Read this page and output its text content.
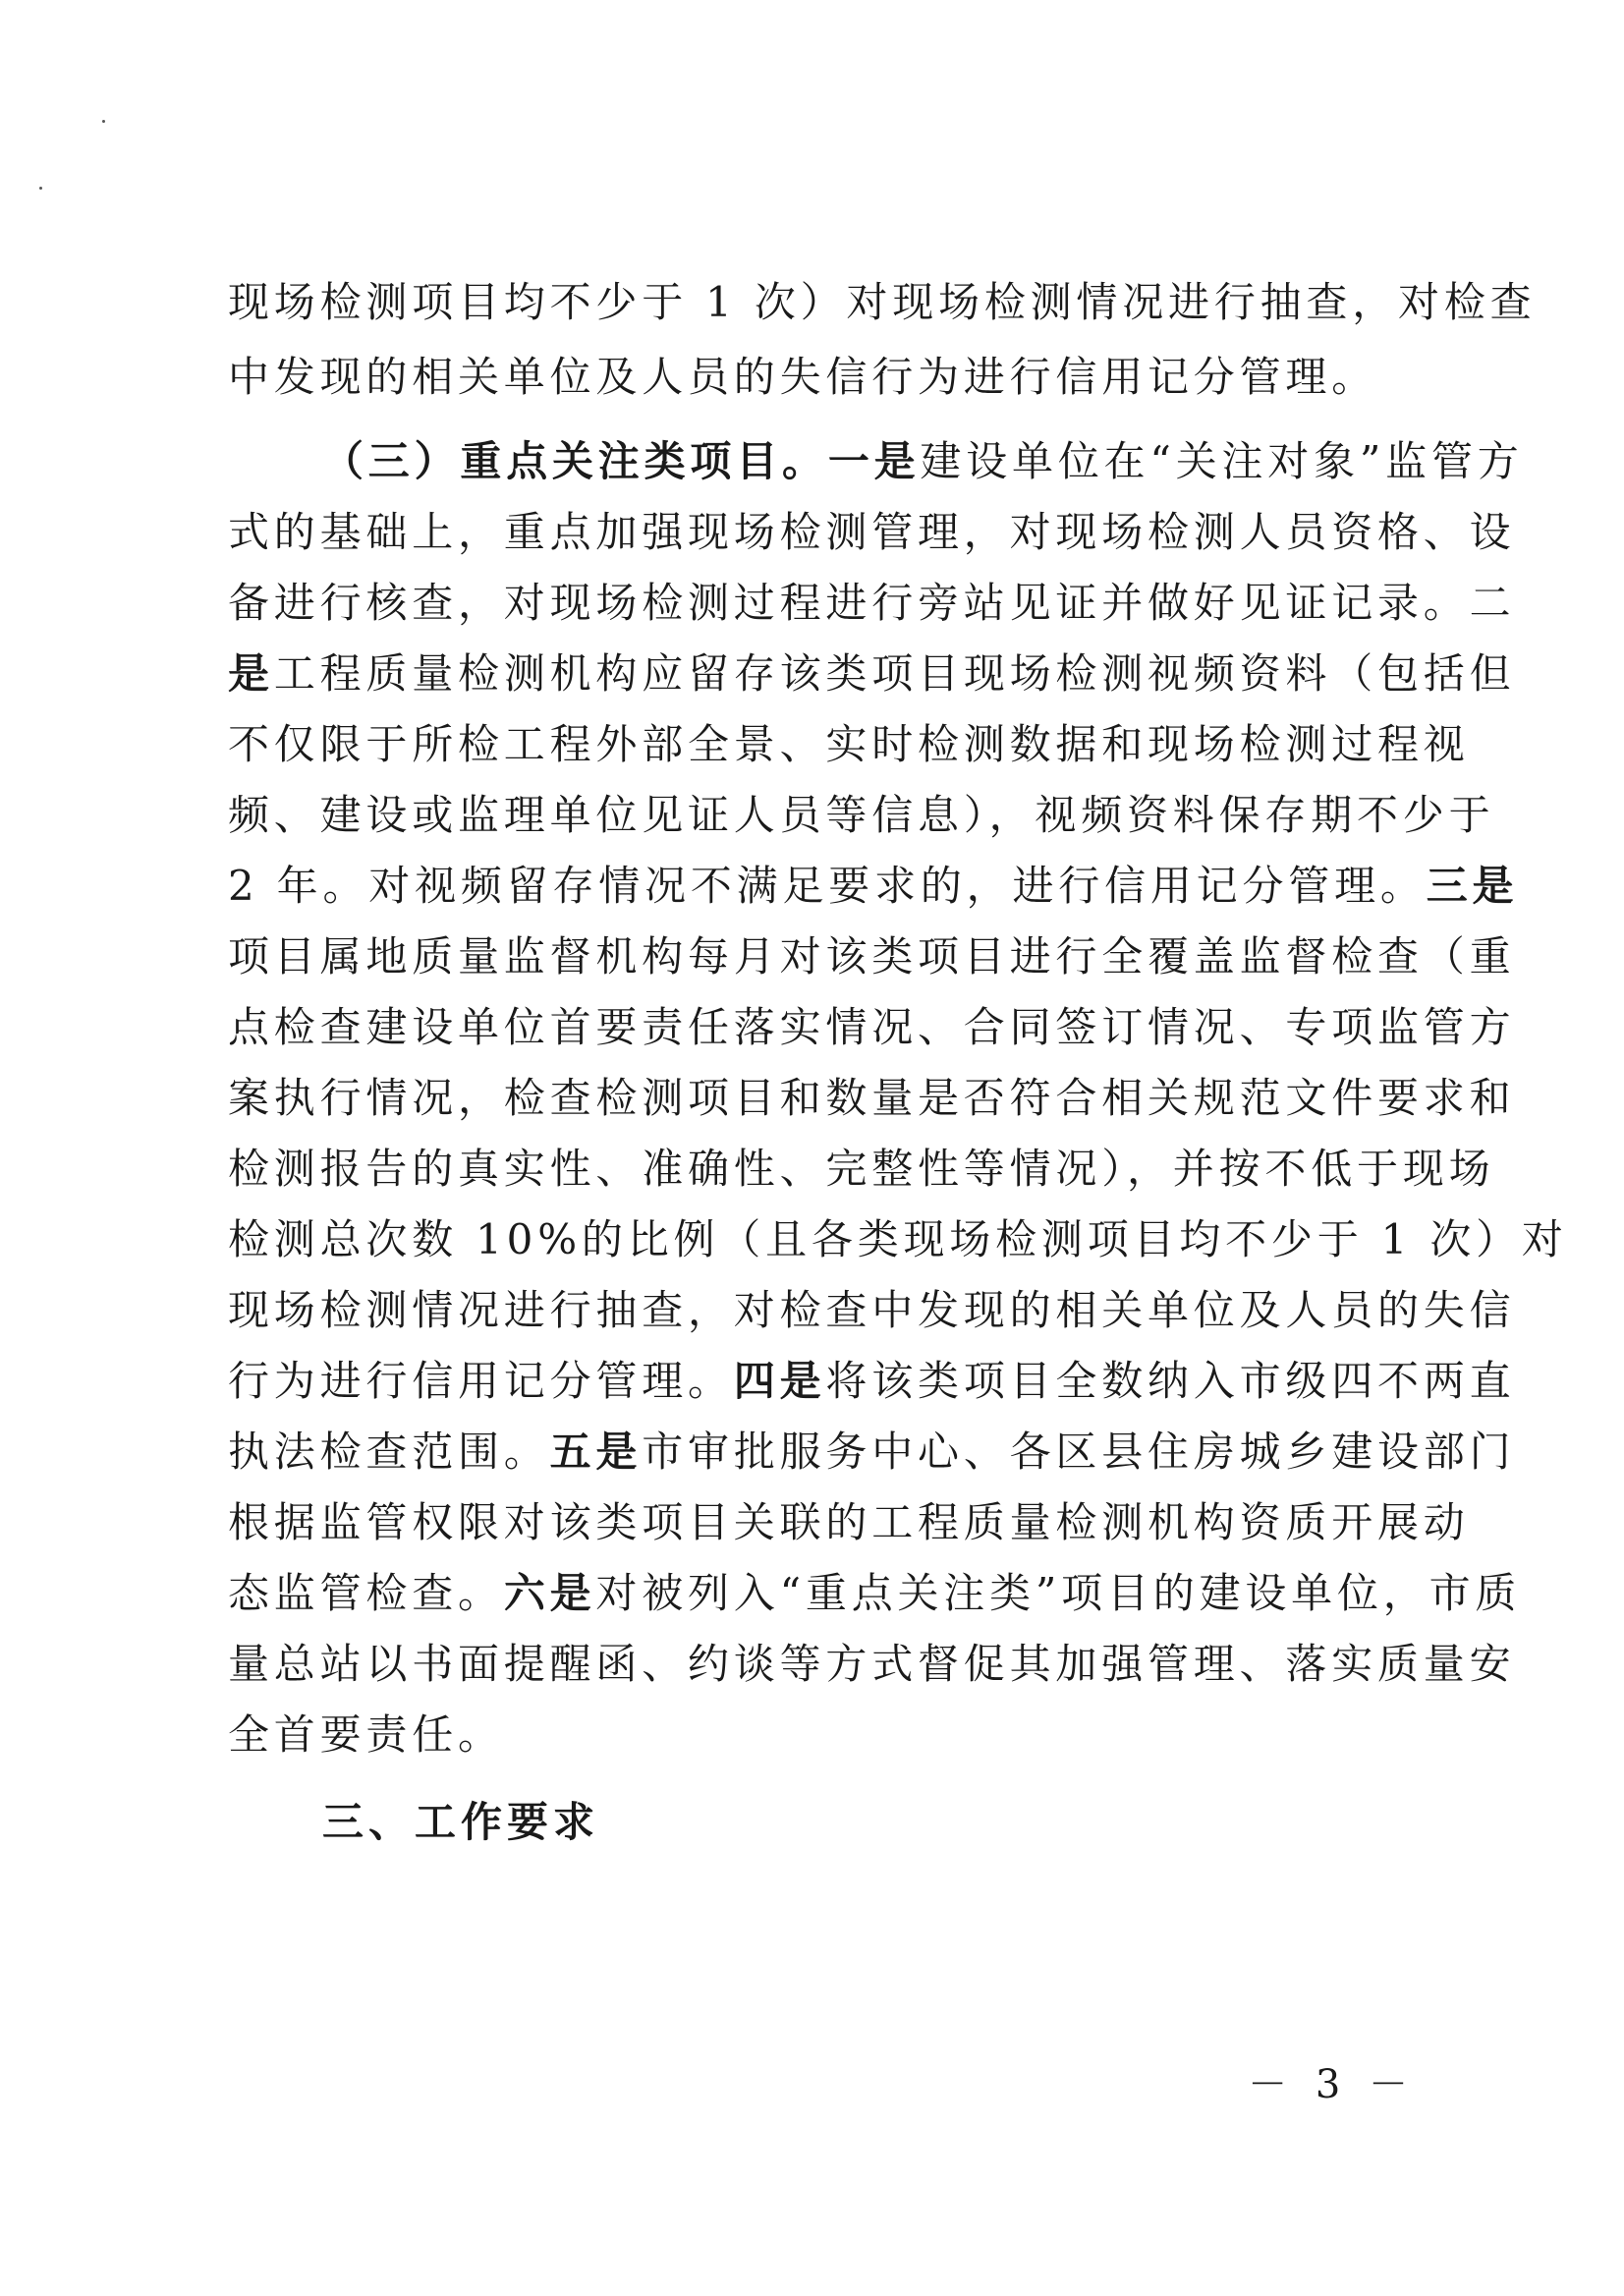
现场检测项目均不少于 1 次）对现场检测情况进行抽查，对检查
中发现的相关单位及人员的失信行为进行信用记分管理。
（三）重点关注类项目。一是建设单位在“关注对象”监管方
式的基础上，重点加强现场检测管理，对现场检测人员资格、设
备进行核查，对现场检测过程进行旁站见证并做好见证记录。二
是工程质量检测机构应留存该类项目现场检测视频资料（包括但
不仅限于所检工程外部全景、实时检测数据和现场检测过程视
频、建设或监理单位见证人员等信息），视频资料保存期不少于
2 年。对视频留存情况不满足要求的，进行信用记分管理。三是
项目属地质量监督机构每月对该类项目进行全覆盖监督检查（重
点检查建设单位首要责任落实情况、合同签订情况、专项监管方
案执行情况，检查检测项目和数量是否符合相关规范文件要求和
检测报告的真实性、准确性、完整性等情况），并按不低于现场
检测总次数 10%的比例（且各类现场检测项目均不少于 1 次）对
现场检测情况进行抽查，对检查中发现的相关单位及人员的失信
行为进行信用记分管理。四是将该类项目全数纳入市级四不两直
执法检查范围。五是市审批服务中心、各区县住房城乡建设部门
根据监管权限对该类项目关联的工程质量检测机构资质开展动
态监管检查。六是对被列入“重点关注类”项目的建设单位，市质
量总站以书面提醒函、约谈等方式督促其加强管理、落实质量安
全首要责任。
三、工作要求
－ 3 －
